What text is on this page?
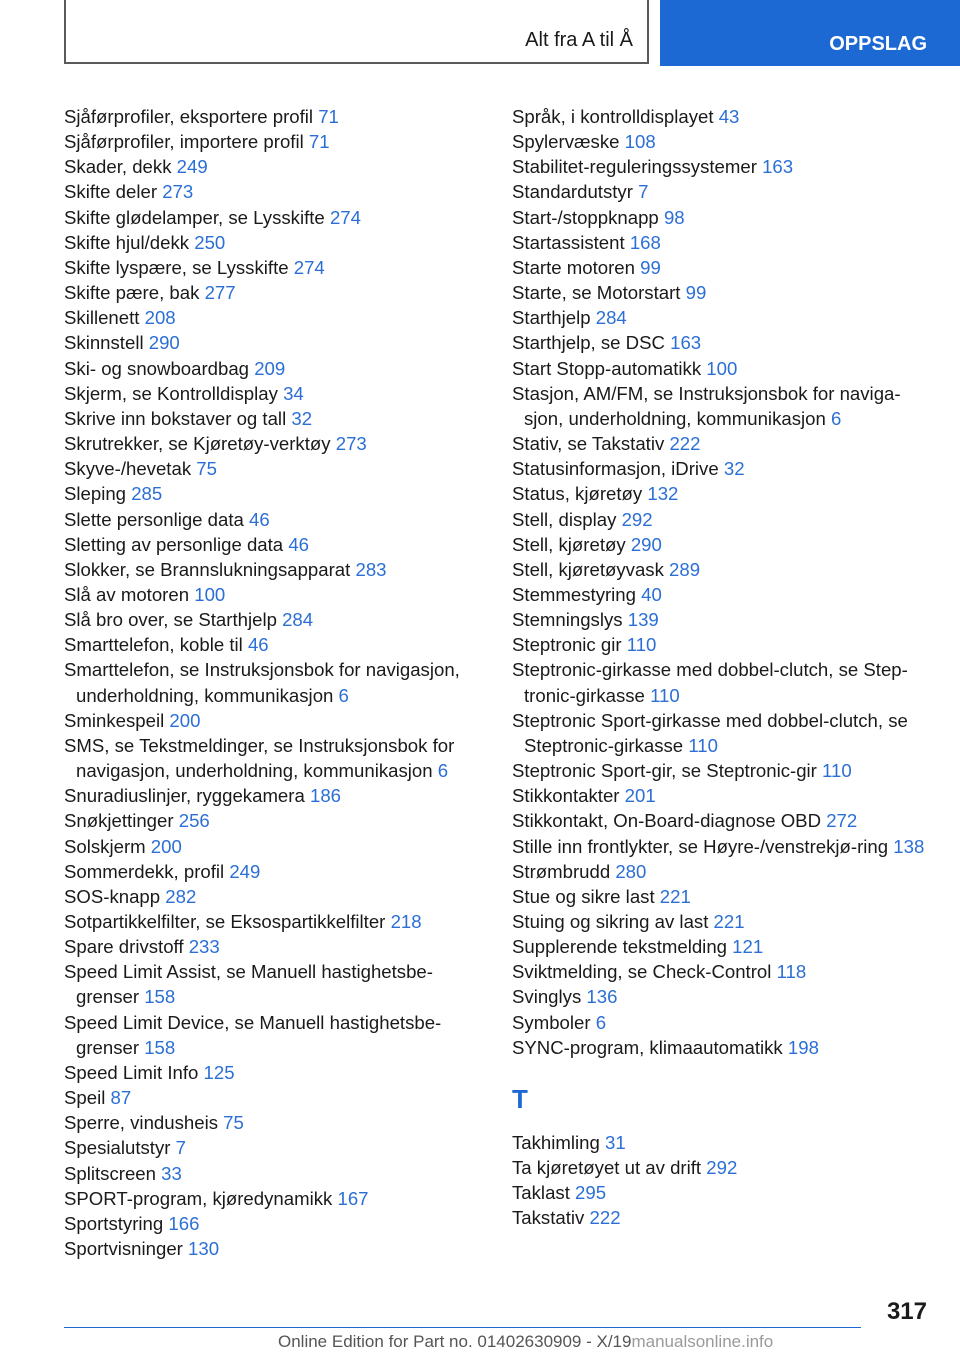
Alt fra A til Å	OPPSLAG
Sjåførprofiler, eksportere profil 71
Sjåførprofiler, importere profil 71
Skader, dekk 249
Skifte deler 273
Skifte glødelamper, se Lysskifte 274
Skifte hjul/dekk 250
Skifte lyspære, se Lysskifte 274
Skifte pære, bak 277
Skillenett 208
Skinnstell 290
Ski- og snowboardbag 209
Skjerm, se Kontrolldisplay 34
Skrive inn bokstaver og tall 32
Skrutrekker, se Kjøretøy-verktøy 273
Skyve-/hevetak 75
Sleping 285
Slette personlige data 46
Sletting av personlige data 46
Slokker, se Brannslukningsapparat 283
Slå av motoren 100
Slå bro over, se Starthjelp 284
Smarttelefon, koble til 46
Smarttelefon, se Instruksjonsbok for navigasjon, underholdning, kommunikasjon 6
Sminkespeil 200
SMS, se Tekstmeldinger, se Instruksjonsbok for navigasjon, underholdning, kommunikasjon 6
Snuradiuslinjer, ryggekamera 186
Snøkjettinger 256
Solskjerm 200
Sommerdekk, profil 249
SOS-knapp 282
Sotpartikkelfilter, se Eksospartikkelfilter 218
Spare drivstoff 233
Speed Limit Assist, se Manuell hastighetsbe-grenser 158
Speed Limit Device, se Manuell hastighetsbe-grenser 158
Speed Limit Info 125
Speil 87
Sperre, vindusheis 75
Spesialutstyr 7
Splitscreen 33
SPORT-program, kjøredynamikk 167
Sportstyring 166
Sportvisninger 130
Språk, i kontrolldisplayet 43
Spylervæske 108
Stabilitet-reguleringssystemer 163
Standardutstyr 7
Start-/stoppknapp 98
Startassistent 168
Starte motoren 99
Starte, se Motorstart 99
Starthjelp 284
Starthjelp, se DSC 163
Start Stopp-automatikk 100
Stasjon, AM/FM, se Instruksjonsbok for naviga-sjon, underholdning, kommunikasjon 6
Stativ, se Takstativ 222
Statusinformasjon, iDrive 32
Status, kjøretøy 132
Stell, display 292
Stell, kjøretøy 290
Stell, kjøretøyvask 289
Stemmestyring 40
Stemningslys 139
Steptronic gir 110
Steptronic-girkasse med dobbel-clutch, se Step-tronic-girkasse 110
Steptronic Sport-girkasse med dobbel-clutch, se Steptronic-girkasse 110
Steptronic Sport-gir, se Steptronic-gir 110
Stikkontakter 201
Stikkontakt, On-Board-diagnose OBD 272
Stille inn frontlykter, se Høyre-/venstrekjø-ring 138
Strømbrudd 280
Stue og sikre last 221
Stuing og sikring av last 221
Supplerende tekstmelding 121
Sviktmelding, se Check-Control 118
Svinglys 136
Symboler 6
SYNC-program, klimaautomatikk 198
T
Takhimling 31
Ta kjøretøyet ut av drift 292
Taklast 295
Takstativ 222
317
Online Edition for Part no. 01402630909 - X/19manualsonline.info
